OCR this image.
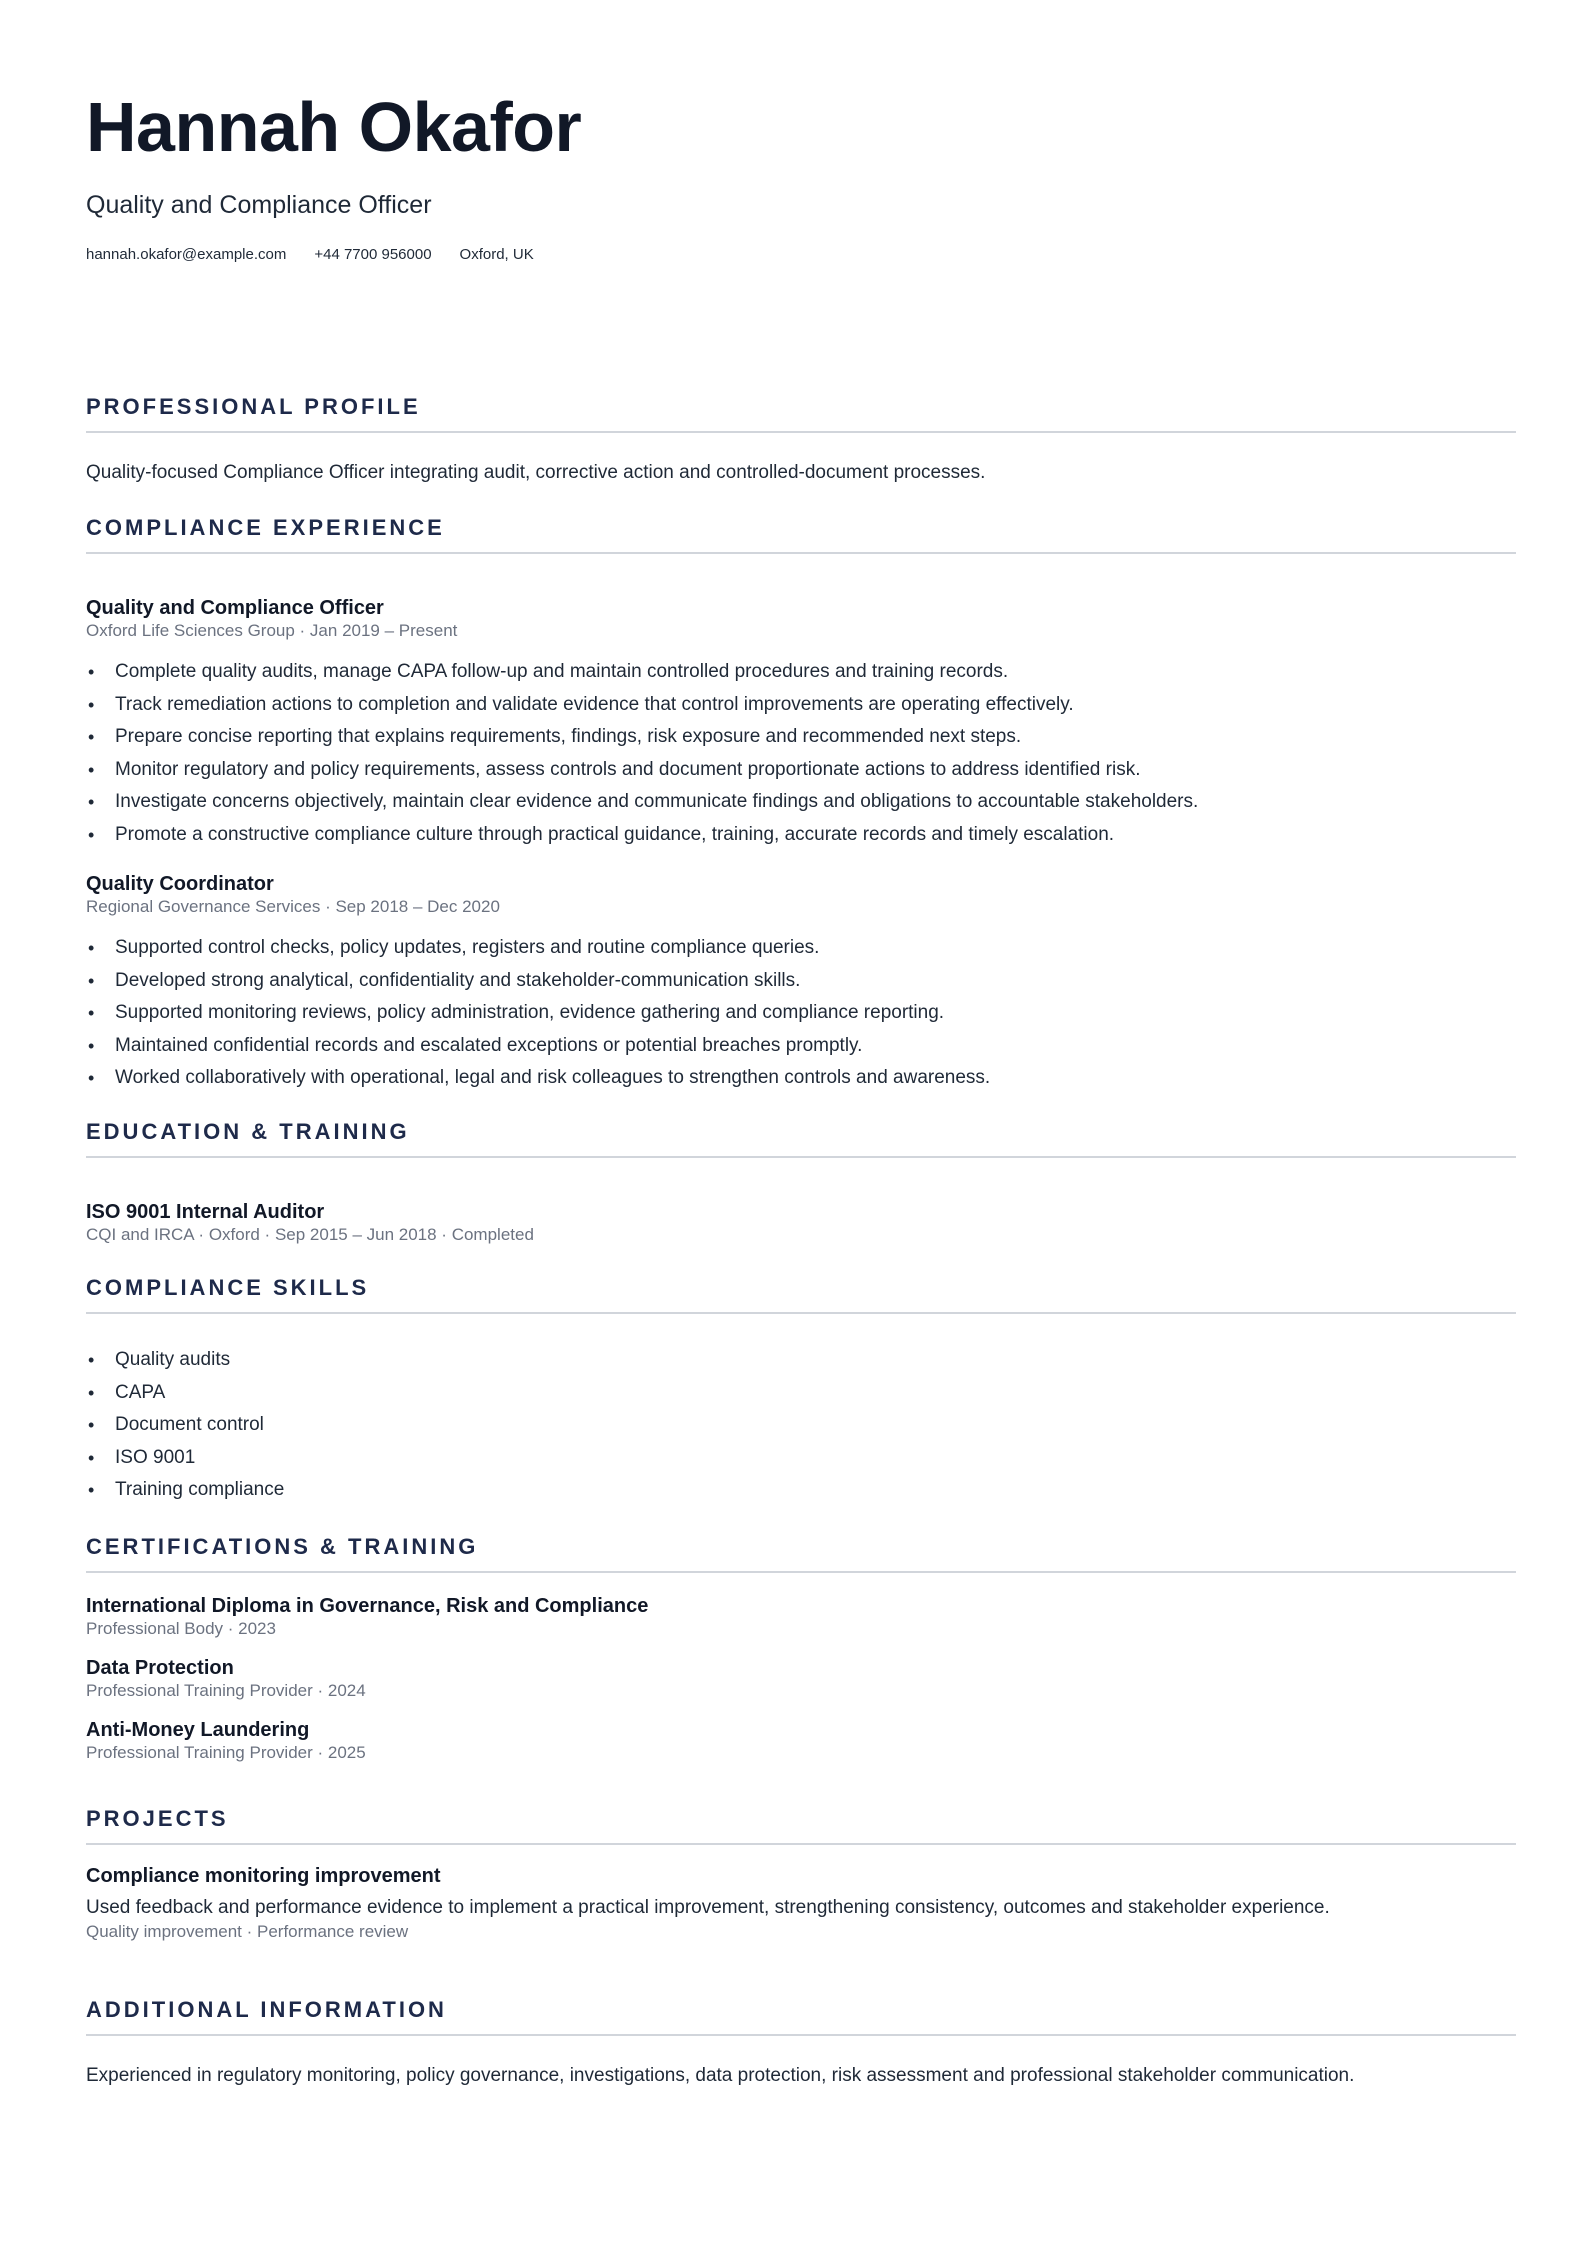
Hannah Okafor
Quality and Compliance Officer
hannah.okafor@example.com +44 7700 956000 Oxford, UK
PROFESSIONAL PROFILE
Quality-focused Compliance Officer integrating audit, corrective action and controlled-document processes.
COMPLIANCE EXPERIENCE
Quality and Compliance Officer
Oxford Life Sciences Group · Jan 2019 – Present
• Complete quality audits, manage CAPA follow-up and maintain controlled procedures and training records.
• Track remediation actions to completion and validate evidence that control improvements are operating effectively.
• Prepare concise reporting that explains requirements, findings, risk exposure and recommended next steps.
• Monitor regulatory and policy requirements, assess controls and document proportionate actions to address identified risk.
• Investigate concerns objectively, maintain clear evidence and communicate findings and obligations to accountable stakeholders.
• Promote a constructive compliance culture through practical guidance, training, accurate records and timely escalation.
Quality Coordinator
Regional Governance Services · Sep 2018 – Dec 2020
• Supported control checks, policy updates, registers and routine compliance queries.
• Developed strong analytical, confidentiality and stakeholder-communication skills.
• Supported monitoring reviews, policy administration, evidence gathering and compliance reporting.
• Maintained confidential records and escalated exceptions or potential breaches promptly.
• Worked collaboratively with operational, legal and risk colleagues to strengthen controls and awareness.
EDUCATION & TRAINING
ISO 9001 Internal Auditor
CQI and IRCA · Oxford · Sep 2015 – Jun 2018 · Completed
COMPLIANCE SKILLS
• Quality audits
• CAPA
• Document control
• ISO 9001
• Training compliance
CERTIFICATIONS & TRAINING
International Diploma in Governance, Risk and Compliance
Professional Body · 2023
Data Protection
Professional Training Provider · 2024
Anti-Money Laundering
Professional Training Provider · 2025
PROJECTS
Compliance monitoring improvement
Used feedback and performance evidence to implement a practical improvement, strengthening consistency, outcomes and stakeholder experience.
Quality improvement · Performance review
ADDITIONAL INFORMATION
Experienced in regulatory monitoring, policy governance, investigations, data protection, risk assessment and professional stakeholder communication.
